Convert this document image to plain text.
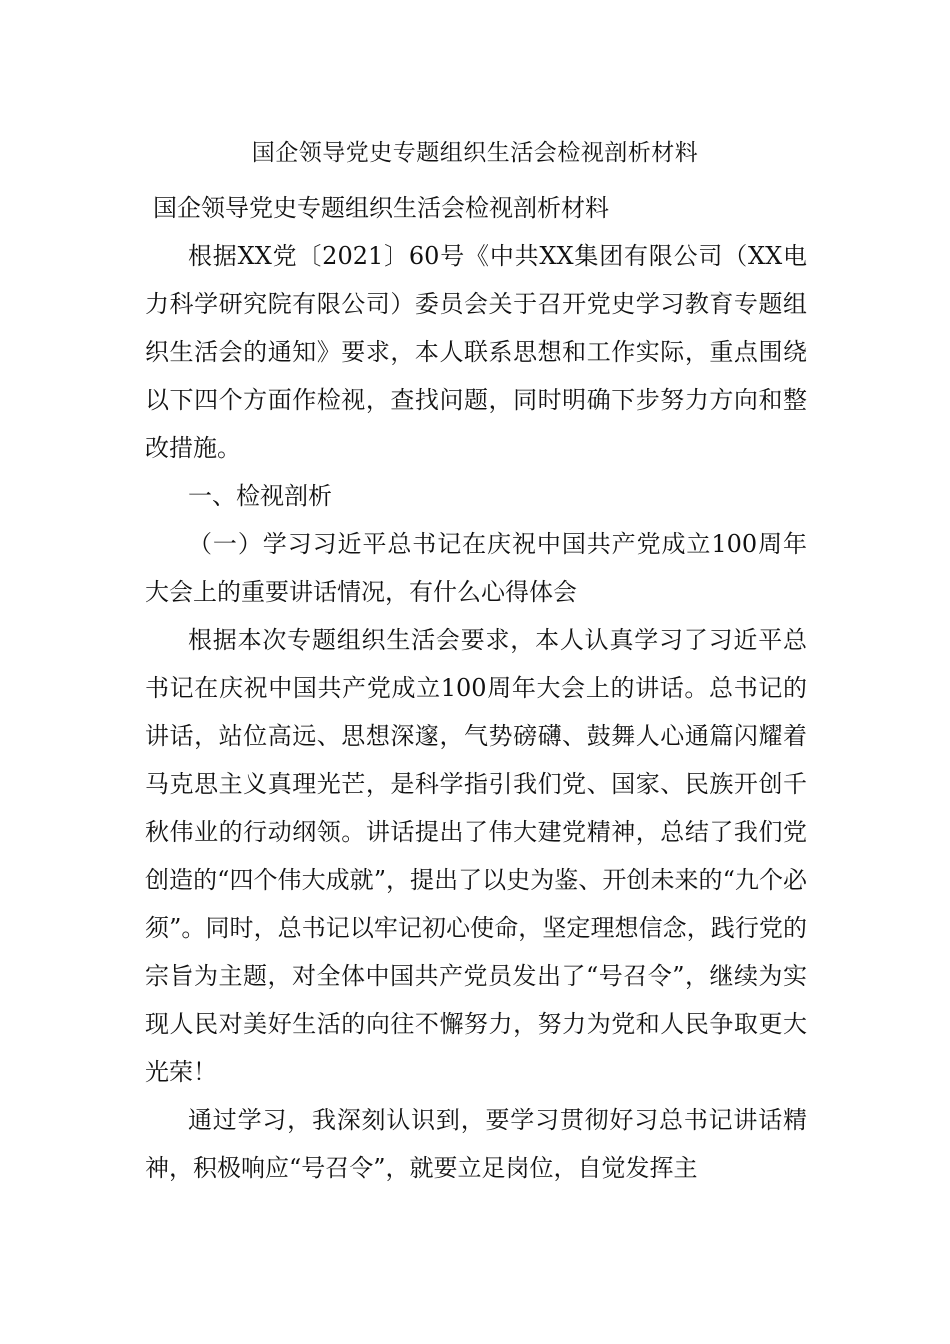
国企领导党史专题组织生活会检视剖析材料

国企领导党史专题组织生活会检视剖析材料

根据XX党〔2021〕60号《中共XX集团有限公司（XX电力科学研究院有限公司）委员会关于召开党史学习教育专题组织生活会的通知》要求，本人联系思想和工作实际，重点围绕以下四个方面作检视，查找问题，同时明确下步努力方向和整改措施。

一、检视剖析

（一）学习习近平总书记在庆祝中国共产党成立100周年大会上的重要讲话情况，有什么心得体会

根据本次专题组织生活会要求，本人认真学习了习近平总书记在庆祝中国共产党成立100周年大会上的讲话。总书记的讲话，站位高远、思想深邃，气势磅礴、鼓舞人心通篇闪耀着马克思主义真理光芒，是科学指引我们党、国家、民族开创千秋伟业的行动纲领。讲话提出了伟大建党精神，总结了我们党创造的“四个伟大成就”，提出了以史为鉴、开创未来的“九个必须”。同时，总书记以牢记初心使命，坚定理想信念，践行党的宗旨为主题，对全体中国共产党员发出了“号召令”，继续为实现人民对美好生活的向往不懈努力，努力为党和人民争取更大光荣！

通过学习，我深刻认识到，要学习贯彻好习总书记讲话精神，积极响应“号召令”，就要立足岗位，自觉发挥主
